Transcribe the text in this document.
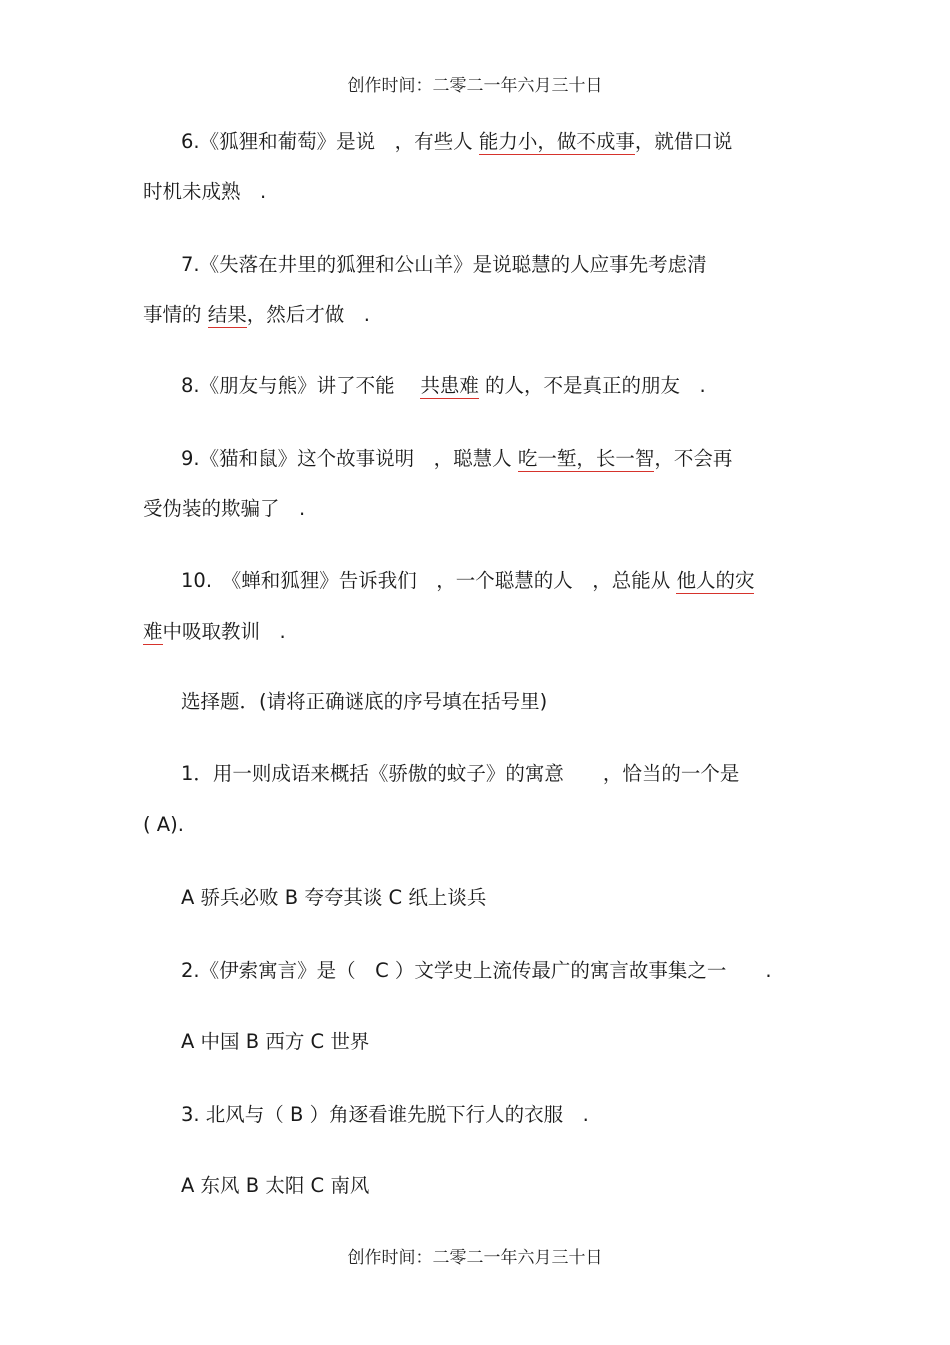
创作时间：二零二一年六月三十日
6.《狐狸和葡萄》是说　，有些人 能力小，做不成事，就借口说
时机未成熟　.
7.《失落在井里的狐狸和公山羊》是说聪慧的人应事先考虑清
事情的 结果，然后才做　.
8.《朋友与熊》讲了不能　 共患难 的人，不是真正的朋友　.
9.《猫和鼠》这个故事说明　，聪慧人 吃一堑，长一智，不会再
受伪装的欺骗了　.
10.　《蝉和狐狸》告诉我们　，一个聪慧的人　，总能从 他人的灾
难中吸取教训　.
选择题．(请将正确谜底的序号填在括号里)
1．用一则成语来概括《骄傲的蚊子》的寓意　　，恰当的一个是
( A).
A 骄兵必败 B 夸夸其谈 C 纸上谈兵
2.《伊索寓言》是（　C ）文学史上流传最广的寓言故事集之一　　.
A 中国 B 西方 C 世界
3. 北风与（ B ）角逐看谁先脱下行人的衣服　.
A 东风 B 太阳 C 南风
创作时间：二零二一年六月三十日
